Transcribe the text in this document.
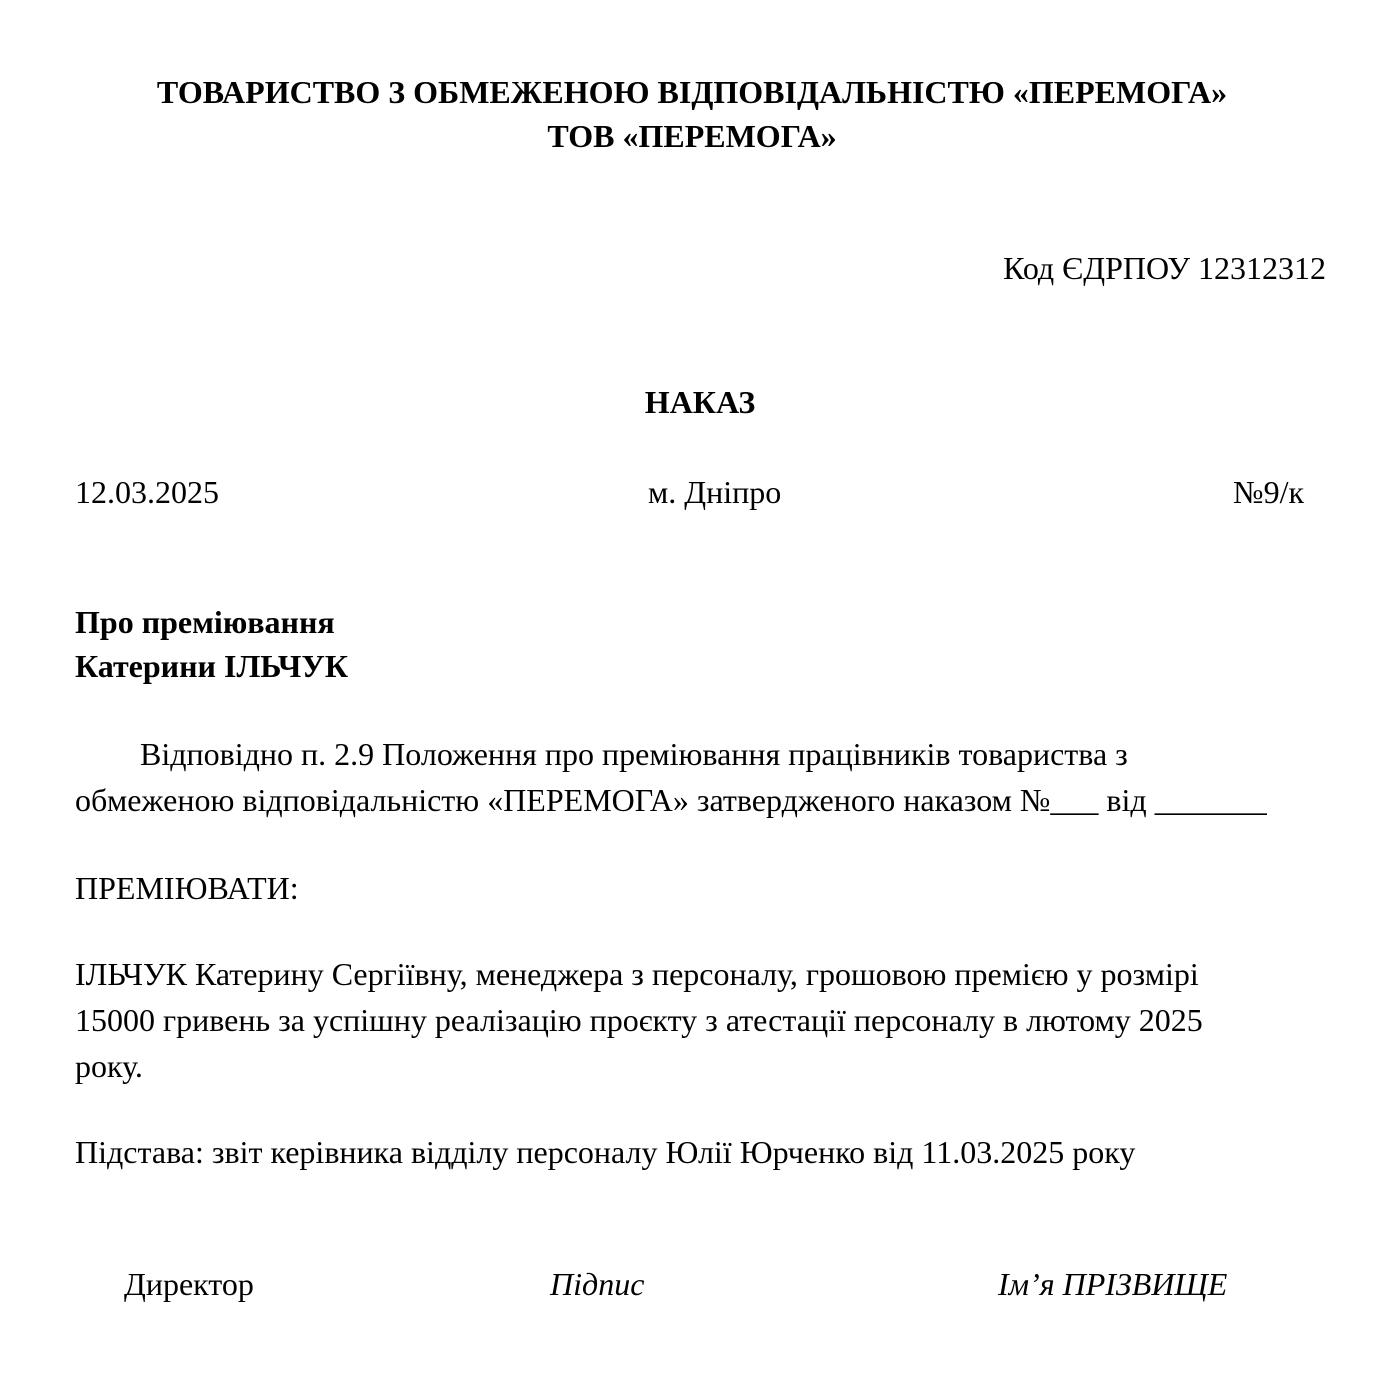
ТОВАРИСТВО З ОБМЕЖЕНОЮ ВІДПОВІДАЛЬНІСТЮ «ПЕРЕМОГА»
ТОВ «ПЕРЕМОГА»
Код ЄДРПОУ 12312312
НАКАЗ
12.03.2025	м. Дніпро	№9/к
Про преміювання
Катерини ІЛЬЧУК
Відповідно п. 2.9 Положення про преміювання працівників товариства з
обмеженою відповідальністю «ПЕРЕМОГА» затвердженого наказом №___ від _______
ПРЕМІЮВАТИ:
ІЛЬЧУК Катерину Сергіївну, менеджера з персоналу, грошовою премією у розмірі
15000 гривень за успішну реалізацію проєкту з атестації персоналу в лютому 2025
року.
Підстава: звіт керівника відділу персоналу Юлії Юрченко від 11.03.2025 року
Директор	Підпис	Ім’я ПРІЗВИЩЕ
